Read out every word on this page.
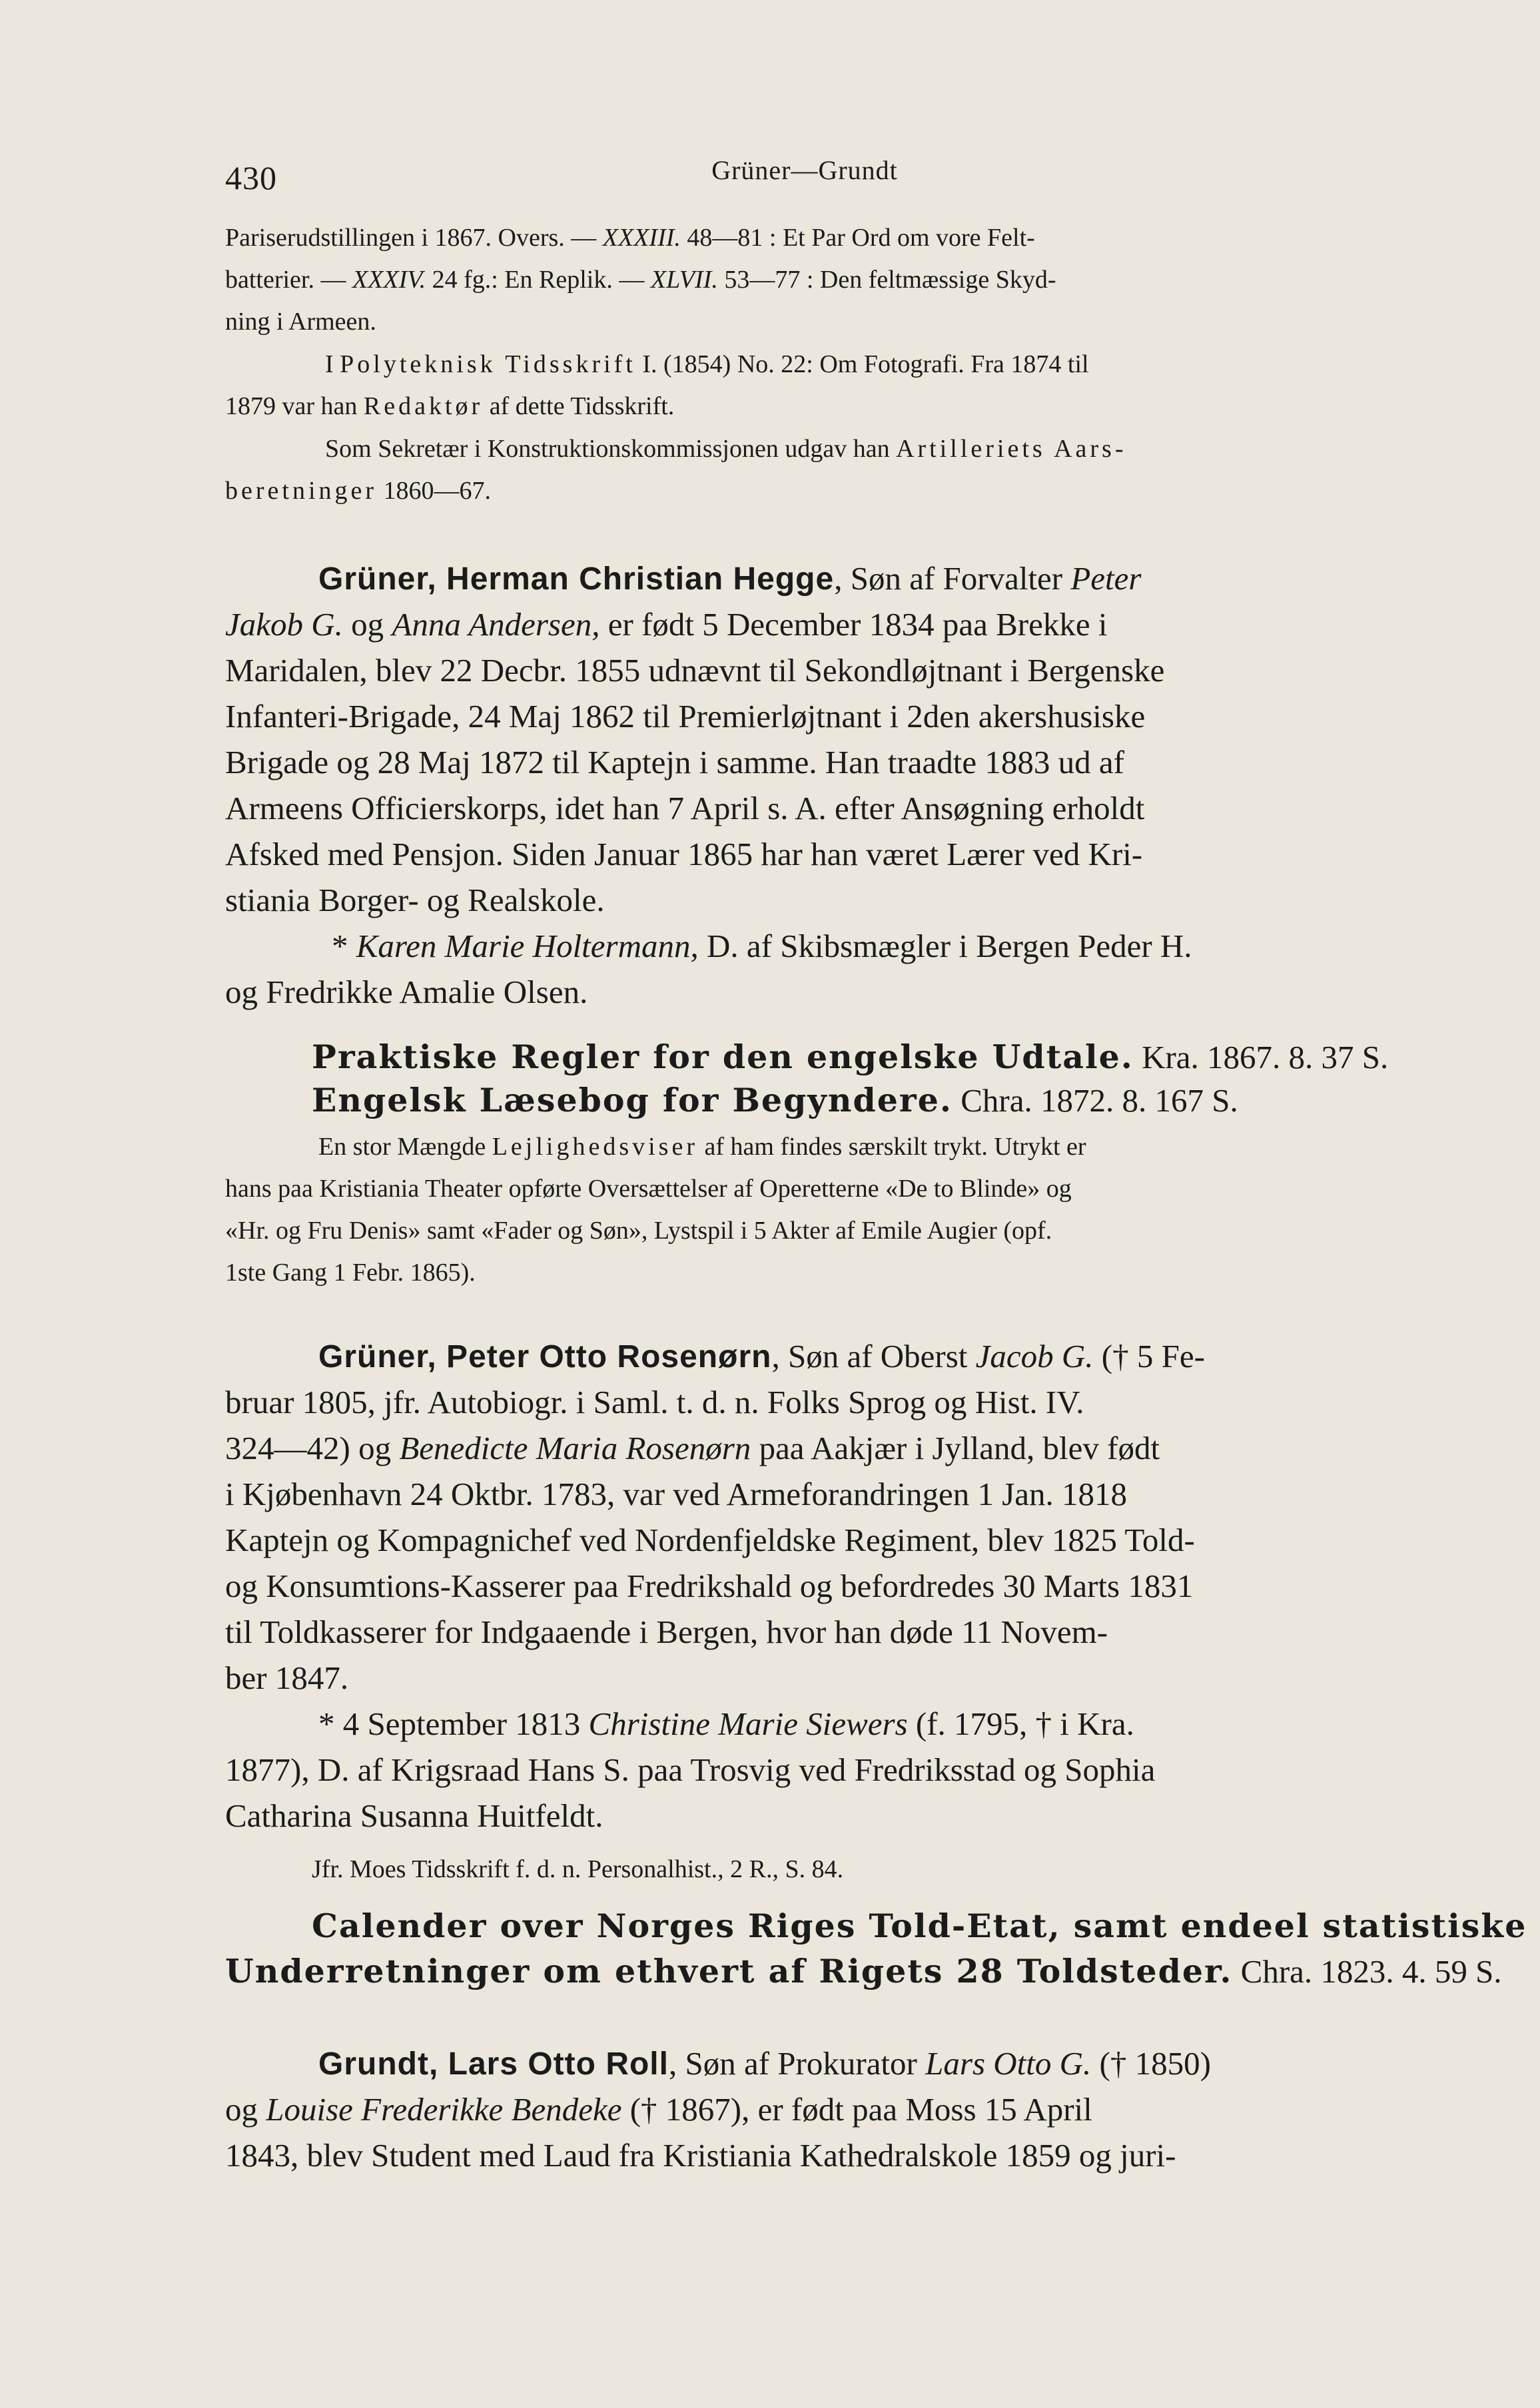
430	Grüner—Grundt
Pariserudstillingen i 1867. Overs. — XXXIII. 48—81 : Et Par Ord om vore Felt-
batterier. — XXXIV. 24 fg.: En Replik. — XLVII. 53—77 : Den feltmæssige Skyd-
ning i Armeen.
I Polyteknisk Tidsskrift I. (1854) No. 22: Om Fotografi. Fra 1874 til
1879 var han Redaktør af dette Tidsskrift.
Som Sekretær i Konstruktionskommissjonen udgav han Artilleriets Aars-
beretninger 1860—67.
Grüner, Herman Christian Hegge, Søn af Forvalter Peter
Jakob G. og Anna Andersen, er født 5 December 1834 paa Brekke i
Maridalen, blev 22 Decbr. 1855 udnævnt til Sekondløjtnant i Bergenske
Infanteri-Brigade, 24 Maj 1862 til Premierløjtnant i 2den akershusiske
Brigade og 28 Maj 1872 til Kaptejn i samme. Han traadte 1883 ud af
Armeens Officierskorps, idet han 7 April s. A. efter Ansøgning erholdt
Afsked med Pensjon. Siden Januar 1865 har han været Lærer ved Kri-
stiania Borger- og Realskole.
* Karen Marie Holtermann, D. af Skibsmægler i Bergen Peder H.
og Fredrikke Amalie Olsen.
Praktiske Regler for den engelske Udtale. Kra. 1867. 8. 37 S.
Engelsk Læsebog for Begyndere. Chra. 1872. 8. 167 S.
En stor Mængde Lejlighedsviser af ham findes særskilt trykt. Utrykt er
hans paa Kristiania Theater opførte Oversættelser af Operetterne «De to Blinde» og
«Hr. og Fru Denis» samt «Fader og Søn», Lystspil i 5 Akter af Emile Augier (opf.
1ste Gang 1 Febr. 1865).
Grüner, Peter Otto Rosenørn, Søn af Oberst Jacob G. († 5 Fe-
bruar 1805, jfr. Autobiogr. i Saml. t. d. n. Folks Sprog og Hist. IV.
324—42) og Benedicte Maria Rosenørn paa Aakjær i Jylland, blev født
i Kjøbenhavn 24 Oktbr. 1783, var ved Armeforandringen 1 Jan. 1818
Kaptejn og Kompagnichef ved Nordenfjeldske Regiment, blev 1825 Told-
og Konsumtions-Kasserer paa Fredrikshald og befordredes 30 Marts 1831
til Toldkasserer for Indgaaende i Bergen, hvor han døde 11 Novem-
ber 1847.
* 4 September 1813 Christine Marie Siewers (f. 1795, † i Kra.
1877), D. af Krigsraad Hans S. paa Trosvig ved Fredriksstad og Sophia
Catharina Susanna Huitfeldt.
Jfr. Moes Tidsskrift f. d. n. Personalhist., 2 R., S. 84.
Calender over Norges Riges Told-Etat, samt endeel statistiske
Underretninger om ethvert af Rigets 28 Toldsteder. Chra. 1823. 4. 59 S.
Grundt, Lars Otto Roll, Søn af Prokurator Lars Otto G. († 1850)
og Louise Frederikke Bendeke († 1867), er født paa Moss 15 April
1843, blev Student med Laud fra Kristiania Kathedralskole 1859 og juri-
